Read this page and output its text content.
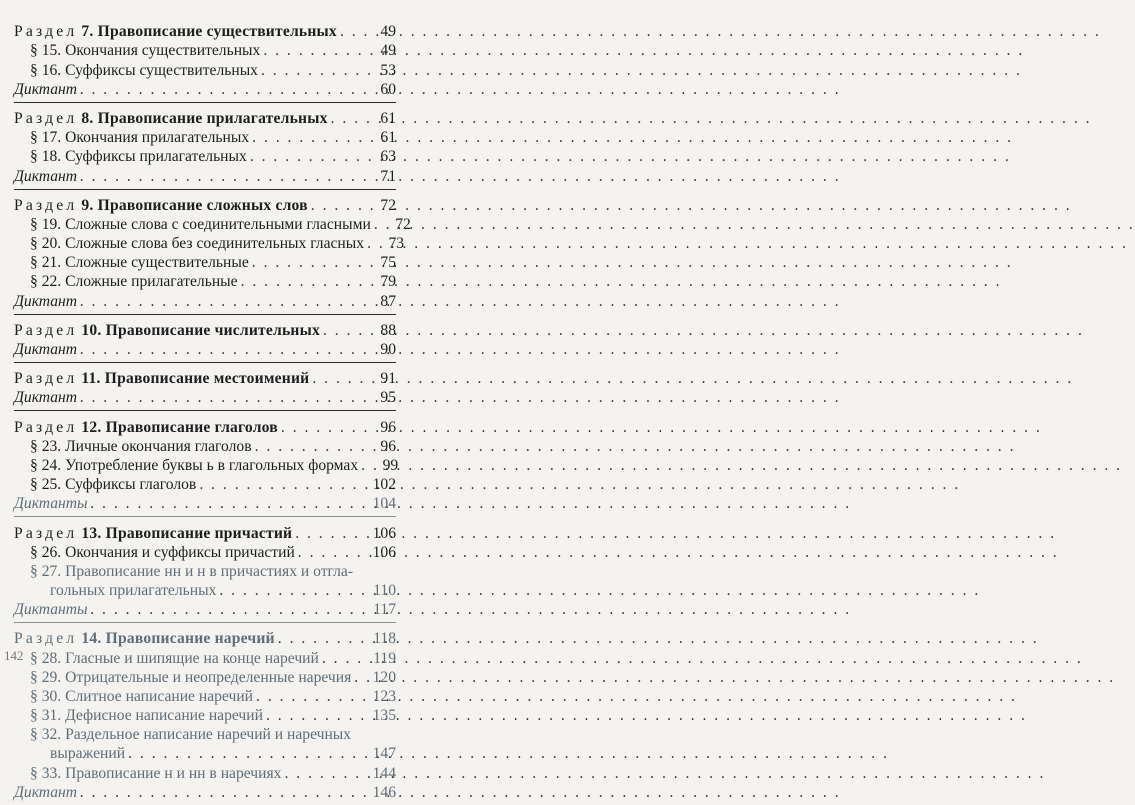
Раздел 7. Правописание существительных . . .	49
§ 15. Окончания существительных . . .	49
§ 16. Суффиксы существительных . . .	53
Диктант . . .	60
Раздел 8. Правописание прилагательных . . .	61
§ 17. Окончания прилагательных . . .	61
§ 18. Суффиксы прилагательных . . .	63
Диктант . . .	71
Раздел 9. Правописание сложных слов . . .	72
§ 19. Сложные слова с соединительными гласными . . .	72
§ 20. Сложные слова без соединительных гласных . . .	73
§ 21. Сложные существительные . . .	75
§ 22. Сложные прилагательные . . .	79
Диктант . . .	87
Раздел 10. Правописание числительных . . .	88
Диктант . . .	90
Раздел 11. Правописание местоимений . . .	91
Диктант . . .	95
Раздел 12. Правописание глаголов . . .	96
§ 23. Личные окончания глаголов . . .	96
§ 24. Употребление буквы ь в глагольных формах . . .	99
§ 25. Суффиксы глаголов . . .	102
Диктанты . . .	104
Раздел 13. Правописание причастий . . .	106
§ 26. Окончания и суффиксы причастий . . .	106
§ 27. Правописание нн и н в причастиях и отгла-
гольных прилагательных . . .	110
Диктанты . . .	117
Раздел 14. Правописание наречий . . .	118
§ 28. Гласные и шипящие на конце наречий . . .	119
§ 29. Отрицательные и неопределенные наречия . . . 120
§ 30. Слитное написание наречий . . .	123
§ 31. Дефисное написание наречий . . .	135
§ 32. Раздельное написание наречий и наречных
выражений . . .	147
§ 33. Правописание н и нн в наречиях . . .	144
Диктант . . .	146
142
